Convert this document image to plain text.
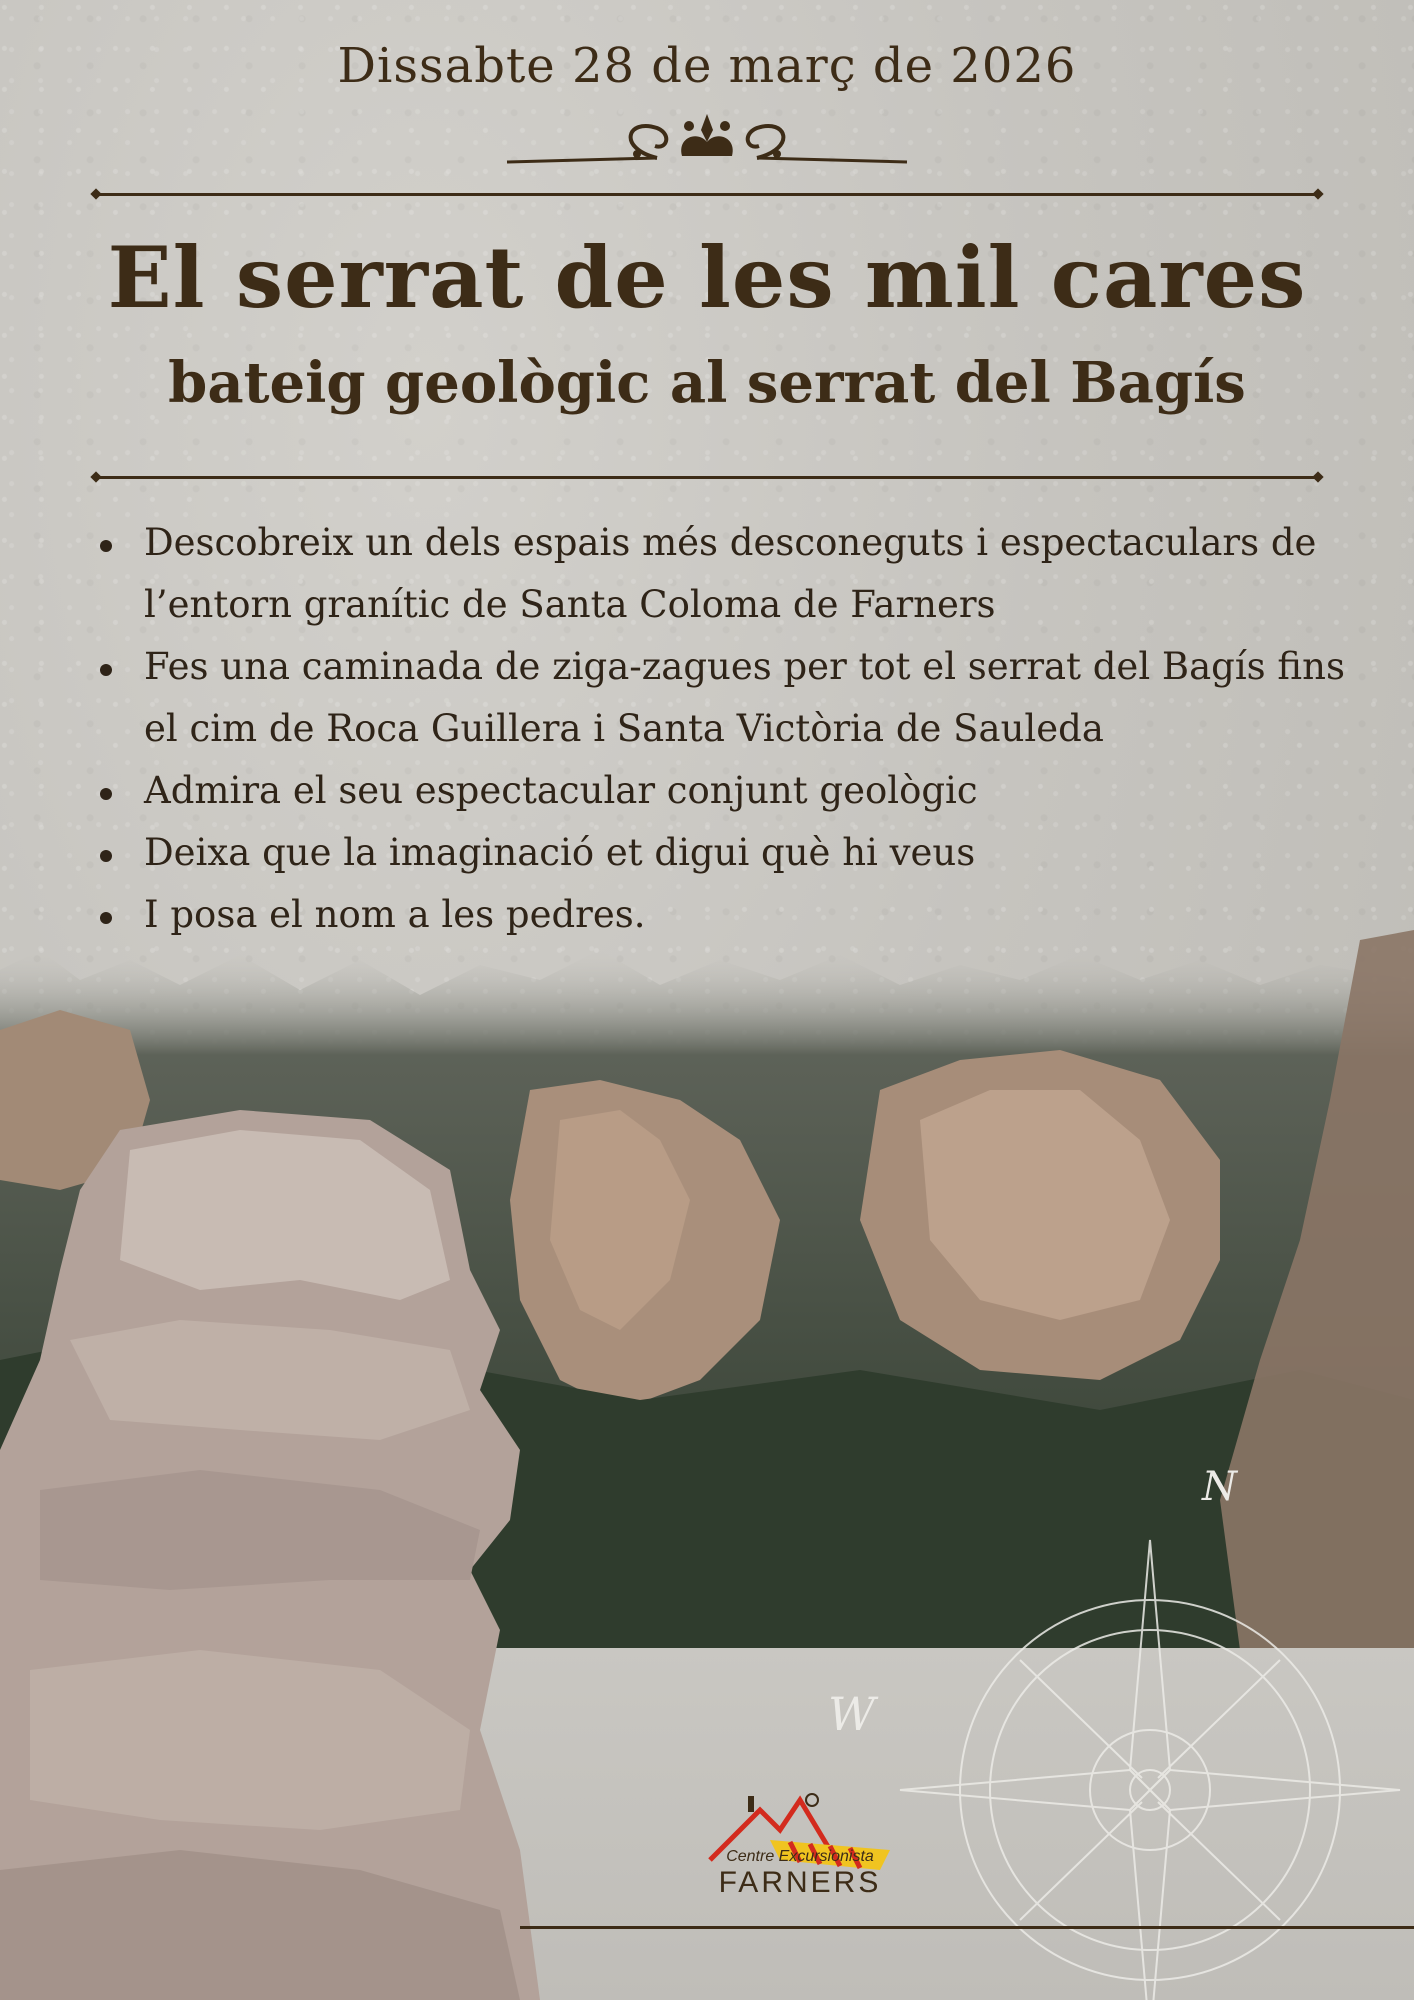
Dissabte 28 de març de 2026
El serrat de les mil cares
bateig geològic al serrat del Bagís
Descobreix un dels espais més desconeguts i espectaculars de l’entorn granític de Santa Coloma de Farners
Fes una caminada de ziga-zagues per tot el serrat del Bagís fins el cim de Roca Guillera i Santa Victòria de Sauleda
Admira el seu espectacular conjunt geològic
Deixa que la imaginació et digui què hi veus
I posa el nom a les pedres.
N
W
Centre Excursionista
FARNERS
